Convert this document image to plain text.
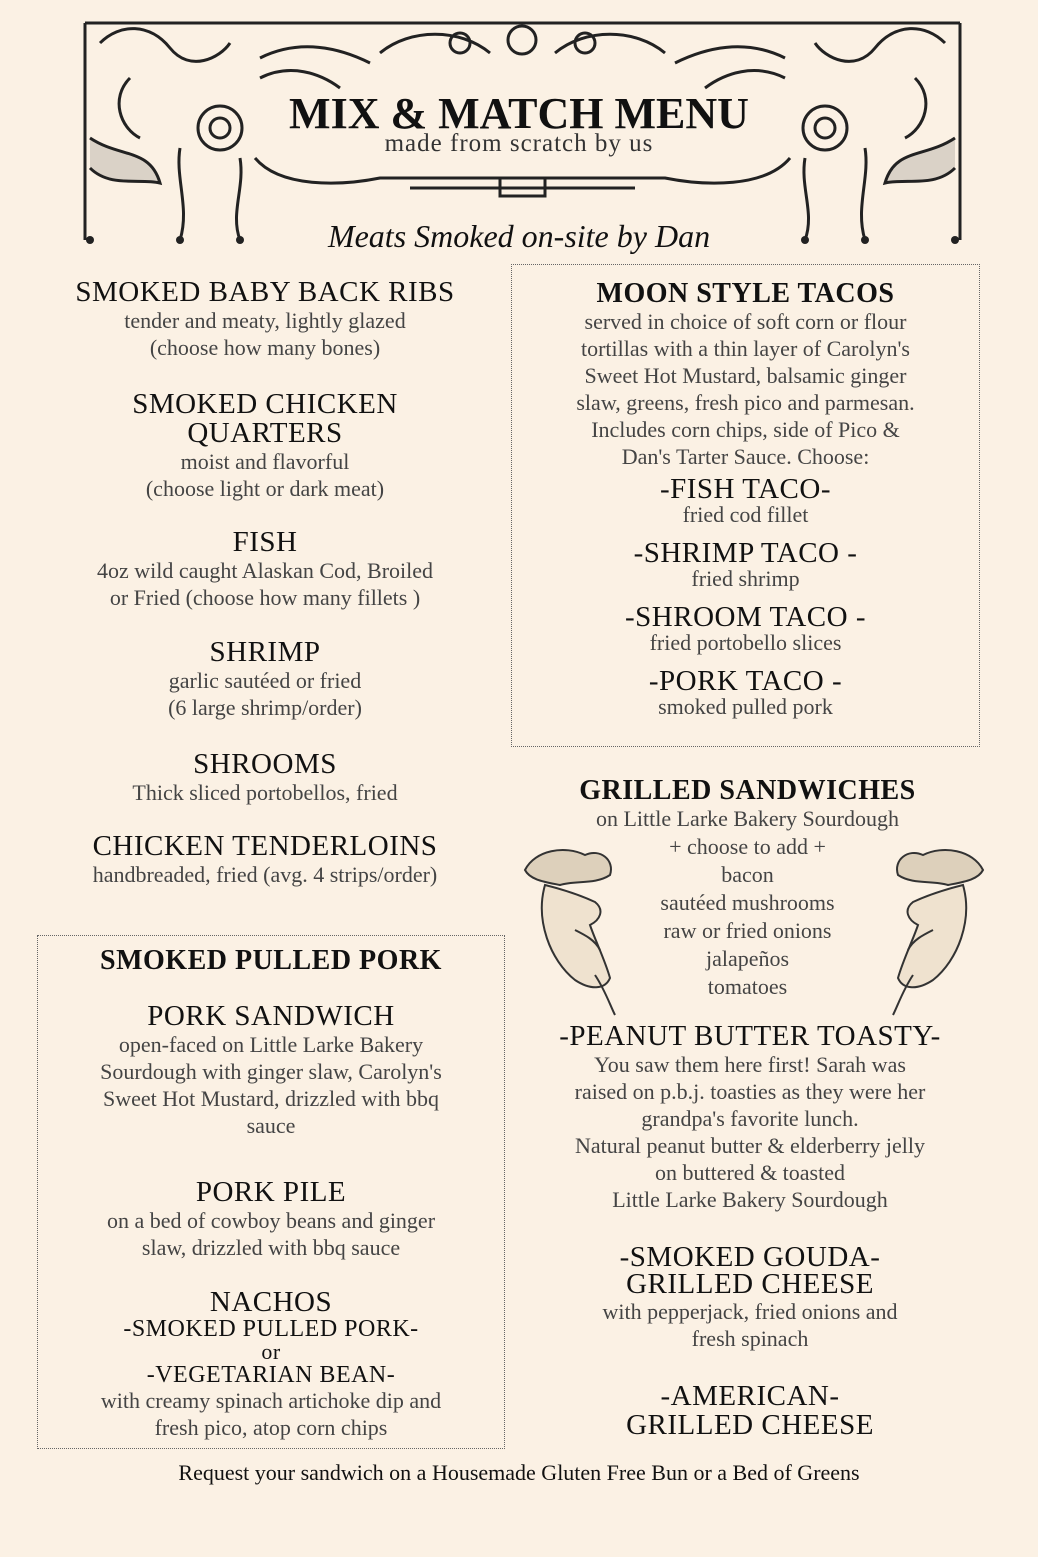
MIX & MATCH MENU
made from scratch by us
Meats Smoked on-site by Dan
SMOKED BABY BACK RIBS
tender and meaty, lightly glazed
(choose how many bones)
SMOKED CHICKEN
QUARTERS
moist and flavorful
(choose light or dark meat)
FISH
4oz wild caught Alaskan Cod, Broiled
or Fried (choose how many fillets )
SHRIMP
garlic sautéed or fried
(6 large shrimp/order)
SHROOMS
Thick sliced portobellos, fried
CHICKEN TENDERLOINS
handbreaded, fried (avg. 4 strips/order)
SMOKED PULLED PORK
PORK SANDWICH
open-faced on Little Larke Bakery
Sourdough with ginger slaw, Carolyn's
Sweet Hot Mustard, drizzled with bbq
sauce
PORK PILE
on a bed of cowboy beans and ginger
slaw, drizzled with bbq sauce
NACHOS
-SMOKED PULLED PORK-
or
-VEGETARIAN BEAN-
with creamy spinach artichoke dip and
fresh pico, atop corn chips
MOON STYLE TACOS
served in choice of soft corn or flour
tortillas with a thin layer of Carolyn's
Sweet Hot Mustard, balsamic ginger
slaw, greens, fresh pico and parmesan.
Includes corn chips, side of Pico &
Dan's Tarter Sauce. Choose:
-FISH TACO-
fried cod fillet
-SHRIMP TACO -
fried shrimp
-SHROOM TACO -
fried portobello slices
-PORK TACO -
smoked pulled pork
GRILLED SANDWICHES
on Little Larke Bakery Sourdough
+ choose to add +
bacon
sautéed mushrooms
raw or fried onions
jalapeños
tomatoes
-PEANUT BUTTER TOASTY-
You saw them here first! Sarah was
raised on p.b.j. toasties as they were her
grandpa's favorite lunch.
Natural peanut butter & elderberry jelly
on buttered & toasted
Little Larke Bakery Sourdough
-SMOKED GOUDA-
GRILLED CHEESE
with pepperjack, fried onions and
fresh spinach
-AMERICAN-
GRILLED CHEESE
Request your sandwich on a Housemade Gluten Free Bun or a Bed of Greens
